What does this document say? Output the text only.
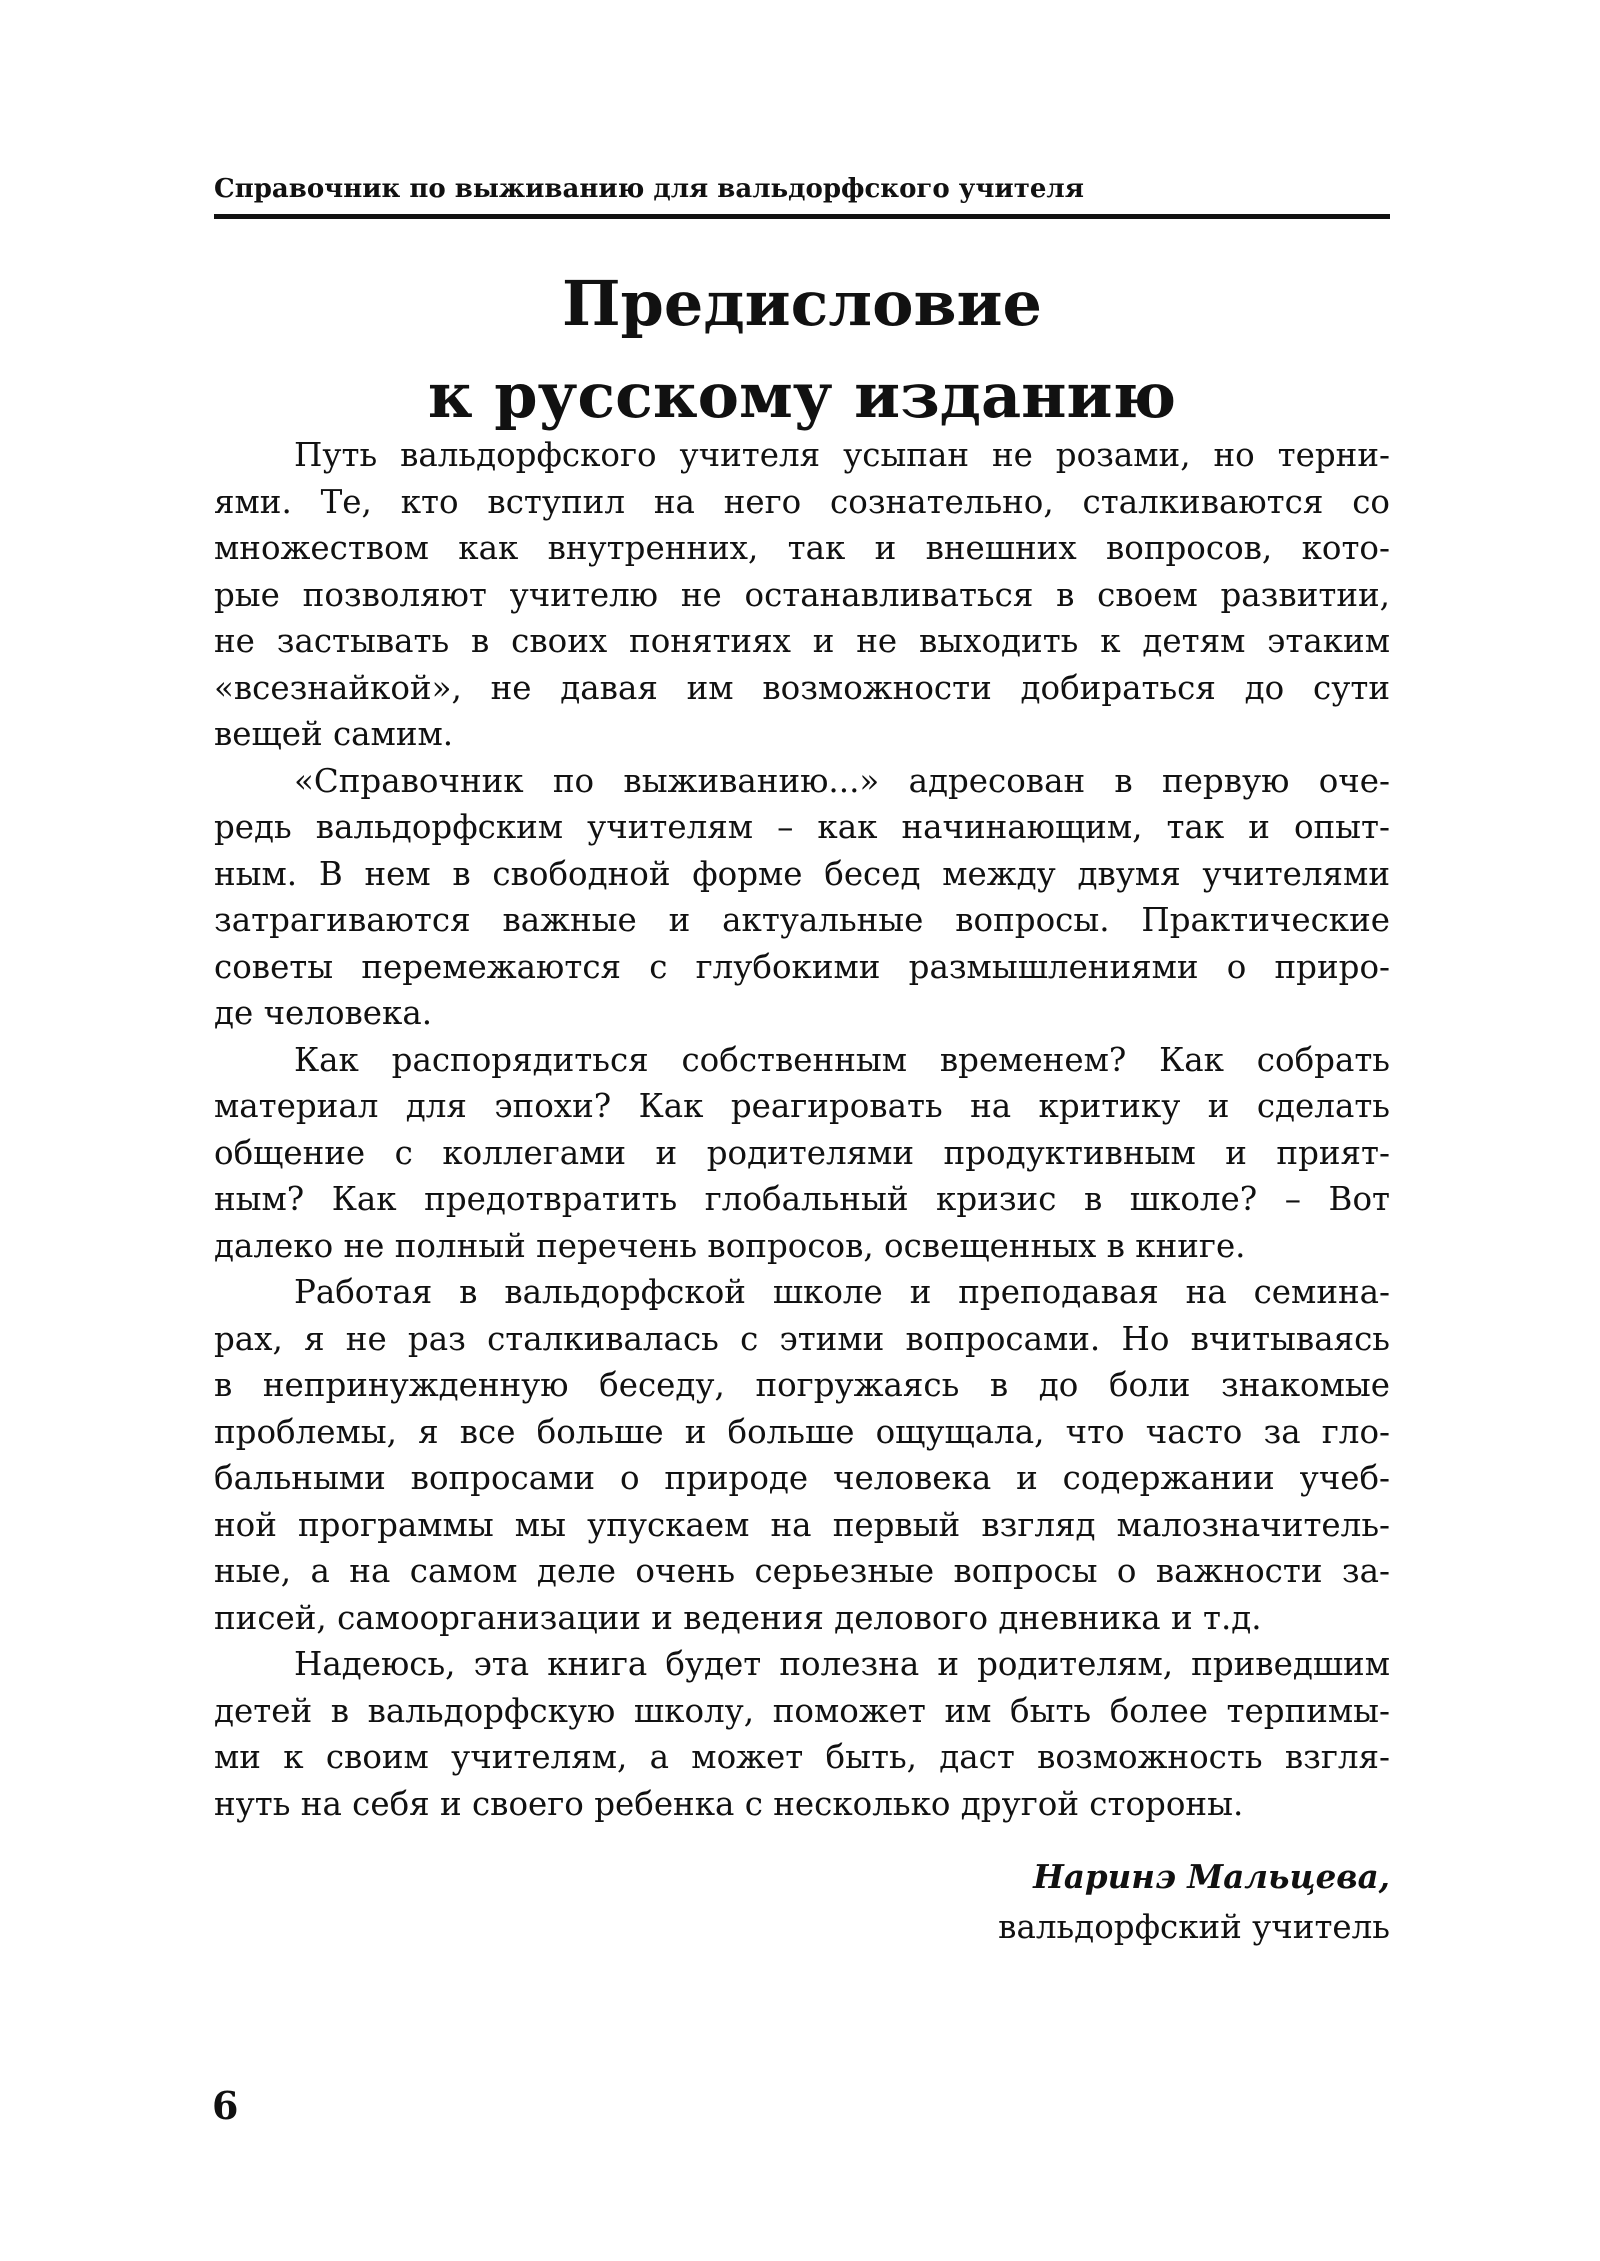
Справочник по выживанию для вальдорфского учителя
Предисловие
к русскому изданию
Путь вальдорфского учителя усыпан не розами, но терни-
ями. Те, кто вступил на него сознательно, сталкиваются со
множеством как внутренних, так и внешних вопросов, кото-
рые позволяют учителю не останавливаться в своем развитии,
не застывать в своих понятиях и не выходить к детям этаким
«всезнайкой», не давая им возможности добираться до сути
вещей самим.
«Справочник по выживанию...» адресован в первую оче-
редь вальдорфским учителям – как начинающим, так и опыт-
ным. В нем в свободной форме бесед между двумя учителями
затрагиваются важные и актуальные вопросы. Практические
советы перемежаются с глубокими размышлениями о приро-
де человека.
Как распорядиться собственным временем? Как собрать
материал для эпохи? Как реагировать на критику и сделать
общение с коллегами и родителями продуктивным и прият-
ным? Как предотвратить глобальный кризис в школе? – Вот
далеко не полный перечень вопросов, освещенных в книге.
Работая в вальдорфской школе и преподавая на семина-
рах, я не раз сталкивалась с этими вопросами. Но вчитываясь
в непринужденную беседу, погружаясь в до боли знакомые
проблемы, я все больше и больше ощущала, что часто за гло-
бальными вопросами о природе человека и содержании учеб-
ной программы мы упускаем на первый взгляд малозначитель-
ные, а на самом деле очень серьезные вопросы о важности за-
писей, самоорганизации и ведения делового дневника и т.д.
Надеюсь, эта книга будет полезна и родителям, приведшим
детей в вальдорфскую школу, поможет им быть более терпимы-
ми к своим учителям, а может быть, даст возможность взгля-
нуть на себя и своего ребенка с несколько другой стороны.
Наринэ Мальцева,
вальдорфский учитель
6
